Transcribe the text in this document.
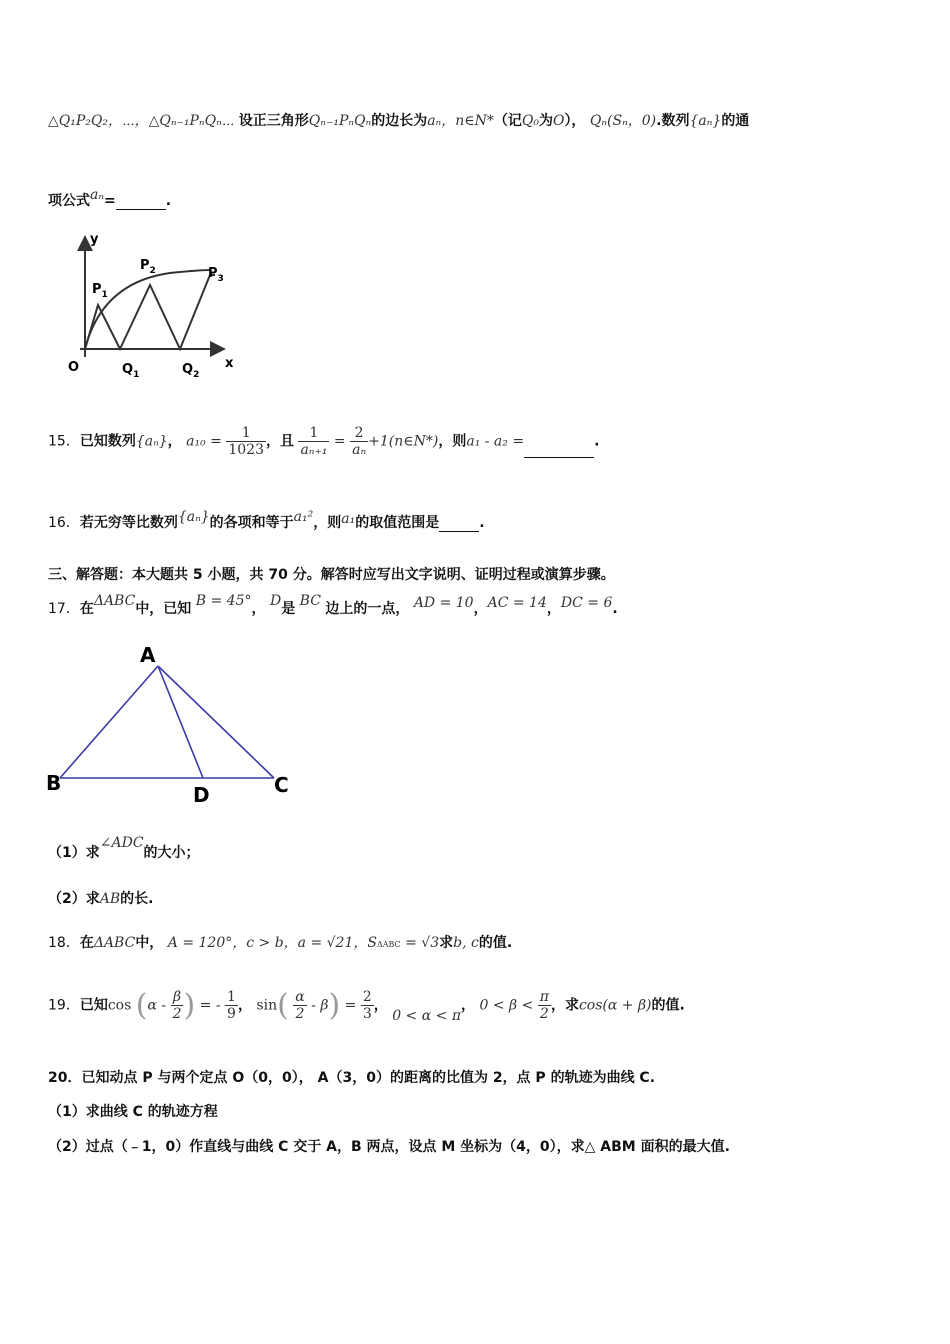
△Q₁P₂Q₂，⋯，△Qₙ₋₁PₙQₙ⋯ 设正三角形Qₙ₋₁PₙQₙ的边长为aₙ，n∈N*（记Q₀为O）， Qₙ(Sₙ，0).数列{aₙ}的通
项公式aₙ=	.
y
x
O
$P_1$
$P_2$	$P_3$
$Q_1$	$Q_2$
15．已知数列{aₙ}， $a_{10} = \frac{1}{1023}$ ，且 $\frac{1}{\text{aₙ₊₁}} = \frac{2}{\text{aₙ}}$ +1(n∈N*)，则a₁ - a₂ =	.
16．若无穷等比数列{aₙ}的各项和等于a₁²，则a₁的取值范围是	.
三、解答题：本大题共 5 小题，共 70 分。解答时应写出文字说明、证明过程或演算步骤。
17．在ΔABC中，已知 B = 45°， D是 BC 边上的一点， AD = 10，AC = 14，DC = 6.
A
B	C
D
（1）求∠ADC的大小；
（2）求AB的长.
18．在ΔABC中， A = 120°，c > b，a = √21，SΔABC = √3求b, c的值.
19．已知$\cos (\alpha - \frac{\beta}{2}$ ) = - $\frac{1}{9}$ ， $\sin( \frac{\alpha}{2} - \beta) = \frac{2}{3}$ ， 0 < α < π， $0 < \beta < \frac{\pi}{2}$ ，求cos(α + β)的值.
20．已知动点 P 与两个定点 O（0，0）， A（3，0）的距离的比值为 2，点 P 的轨迹为曲线 C.
（1）求曲线 C 的轨迹方程
（2）过点（﹣1，0）作直线与曲线 C 交于 A，B 两点，设点 M 坐标为（4，0），求△ ABM 面积的最大值.
